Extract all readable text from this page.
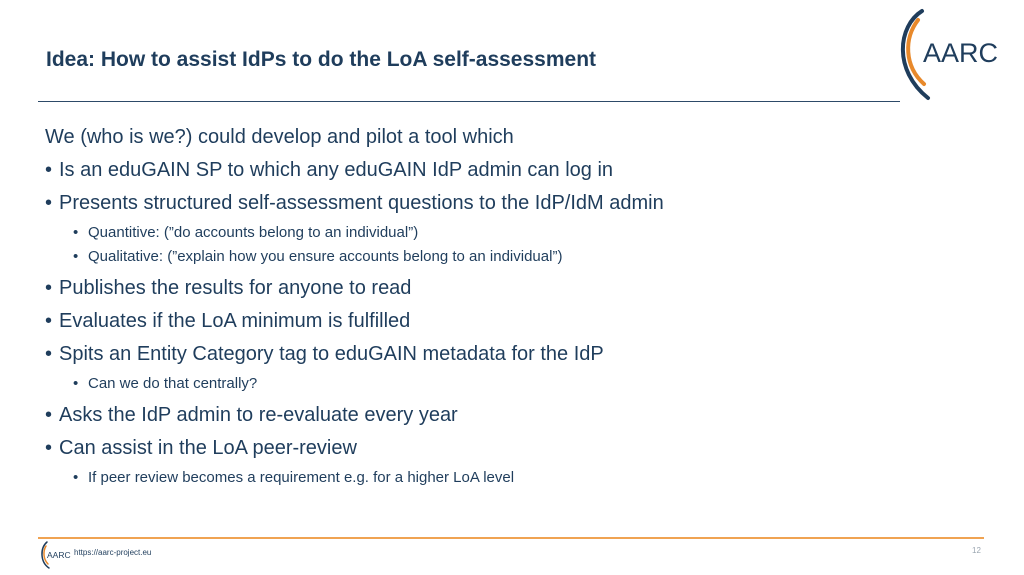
Idea: How to assist IdPs to do the LoA self-assessment	AARC

We (who is we?) could develop and pilot a tool which

• Is an eduGAIN SP to which any eduGAIN IdP admin can log in
• Presents structured self-assessment questions to the IdP/IdM admin
• Quantitive: (”do accounts belong to an individual”)
• Qualitative: (”explain how you ensure accounts belong to an individual”)
• Publishes the results for anyone to read
• Evaluates if the LoA minimum is fulfilled
• Spits an Entity Category tag to eduGAIN metadata for the IdP
• Can we do that centrally?
• Asks the IdP admin to re-evaluate every year
• Can assist in the LoA peer-review
• If peer review becomes a requirement e.g. for a higher LoA level
AARC https://aarc-project.eu	12
